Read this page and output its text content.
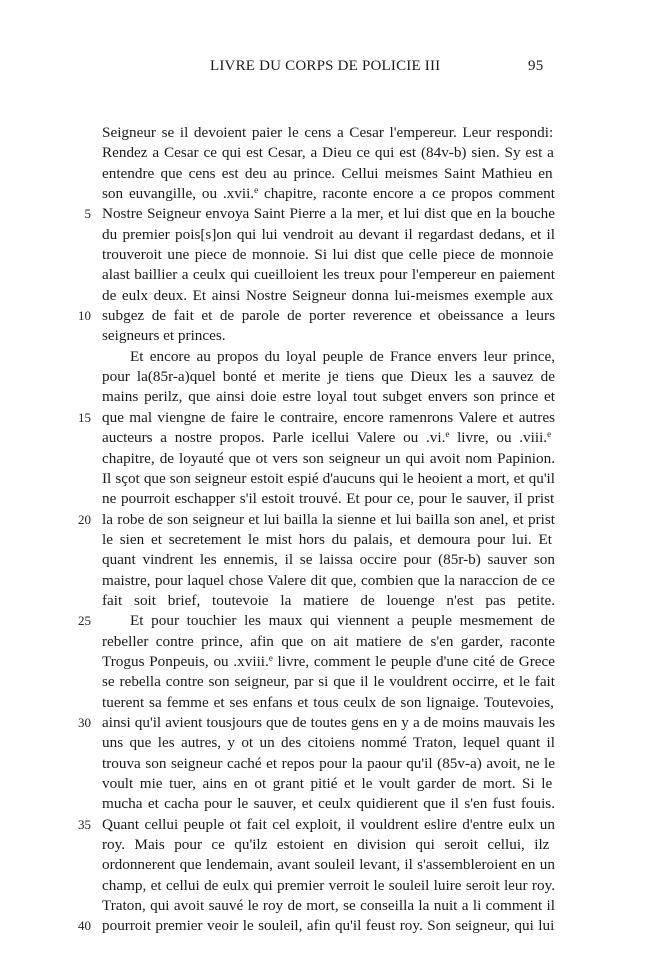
LIVRE DU CORPS DE POLICIE III	95
Seigneur se il devoient paier le cens a Cesar l'empereur. Leur respondi:
Rendez a Cesar ce qui est Cesar, a Dieu ce qui est (84v-b) sien. Sy est a
entendre que cens est deu au prince. Cellui meismes Saint Mathieu en
son euvangille, ou .xvii.$^e$ chapitre, raconte encore a ce propos comment
5 Nostre Seigneur envoya Saint Pierre a la mer, et lui dist que en la bouche
du premier pois[s]on qui lui vendroit au devant il regardast dedans, et il
trouveroit une piece de monnoie. Si lui dist que celle piece de monnoie
alast baillier a ceulx qui cueilloient les treux pour l'empereur en paiement
de eulx deux. Et ainsi Nostre Seigneur donna lui-meismes exemple aux
10 subgez de fait et de parole de porter reverence et obeissance a leurs
seigneurs et princes.
Et encore au propos du loyal peuple de France envers leur prince,
pour la(85r-a)quel bonté et merite je tiens que Dieux les a sauvez de
mains perilz, que ainsi doie estre loyal tout subget envers son prince et
15 que mal viengne de faire le contraire, encore ramenrons Valere et autres
aucteurs a nostre propos. Parle icellui Valere ou .vi.$^e$ livre, ou .viii.$^e$
chapitre, de loyauté que ot vers son seigneur un qui avoit nom Papinion.
Il sçot que son seigneur estoit espié d'aucuns qui le heoient a mort, et qu'il
ne pourroit eschapper s'il estoit trouvé. Et pour ce, pour le sauver, il prist
20 la robe de son seigneur et lui bailla la sienne et lui bailla son anel, et prist
le sien et secretement le mist hors du palais, et demoura pour lui. Et
quant vindrent les ennemis, il se laissa occire pour (85r-b) sauver son
maistre, pour laquel chose Valere dit que, combien que la naraccion de ce
fait soit brief, toutevoie la matiere de louenge n'est pas petite.
25	Et pour touchier les maux qui viennent a peuple mesmement de
rebeller contre prince, afin que on ait matiere de s'en garder, raconte
Trogus Ponpeuis, ou .xviii.$^e$ livre, comment le peuple d'une cité de Grece
se rebella contre son seigneur, par si que il le vouldrent occirre, et le fait
tuerent sa femme et ses enfans et tous ceulx de son lignaige. Toutevoies,
30 ainsi qu'il avient tousjours que de toutes gens en y a de moins mauvais les
uns que les autres, y ot un des citoiens nommé Traton, lequel quant il
trouva son seigneur caché et repos pour la paour qu'il (85v-a) avoit, ne le
voult mie tuer, ains en ot grant pitié et le voult garder de mort. Si le
mucha et cacha pour le sauver, et ceulx quidierent que il s'en fust fouis.
35 Quant cellui peuple ot fait cel exploit, il vouldrent eslire d'entre eulx un
roy. Mais pour ce qu'ilz estoient en division qui seroit cellui, ilz
ordonnerent que lendemain, avant souleil levant, il s'assembleroient en un
champ, et cellui de eulx qui premier verroit le souleil luire seroit leur roy.
Traton, qui avoit sauvé le roy de mort, se conseilla la nuit a li comment il
40 pourroit premier veoir le souleil, afin qu'il feust roy. Son seigneur, qui lui
